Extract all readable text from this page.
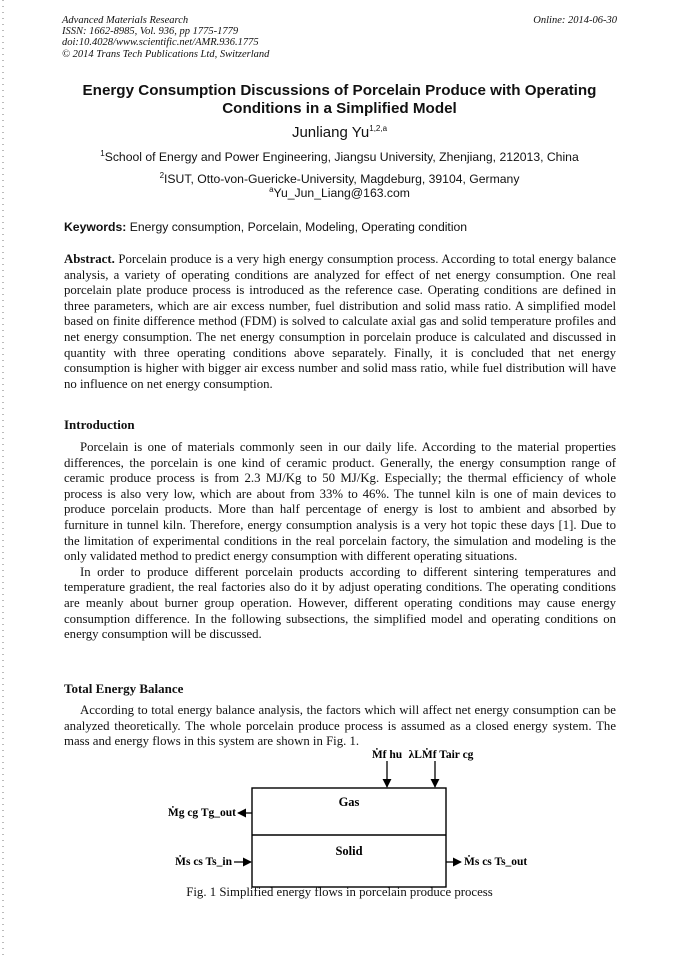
Advanced Materials Research
ISSN: 1662-8985, Vol. 936, pp 1775-1779
doi:10.4028/www.scientific.net/AMR.936.1775
© 2014 Trans Tech Publications Ltd, Switzerland
Online: 2014-06-30
Energy Consumption Discussions of Porcelain Produce with Operating Conditions in a Simplified Model
Junliang Yu$^{1,2,a}$
$^1$School of Energy and Power Engineering, Jiangsu University, Zhenjiang, 212013, China
$^2$ISUT, Otto-von-Guericke-University, Magdeburg, 39104, Germany
$^a$Yu_Jun_Liang@163.com
Keywords: Energy consumption, Porcelain, Modeling, Operating condition
Abstract. Porcelain produce is a very high energy consumption process. According to total energy balance analysis, a variety of operating conditions are analyzed for effect of net energy consumption. One real porcelain plate produce process is introduced as the reference case. Operating conditions are defined in three parameters, which are air excess number, fuel distribution and solid mass ratio. A simplified model based on finite difference method (FDM) is solved to calculate axial gas and solid temperature profiles and net energy consumption. The net energy consumption in porcelain produce is calculated and discussed in quantity with three operating conditions above separately. Finally, it is concluded that net energy consumption is higher with bigger air excess number and solid mass ratio, while fuel distribution will have no influence on net energy consumption.
Introduction
Porcelain is one of materials commonly seen in our daily life. According to the material properties differences, the porcelain is one kind of ceramic product. Generally, the energy consumption range of ceramic produce process is from 2.3 MJ/Kg to 50 MJ/Kg. Especially; the thermal efficiency of whole process is also very low, which are about from 33% to 46%. The tunnel kiln is one of main devices to produce porcelain products. More than half percentage of energy is lost to ambient and absorbed by furniture in tunnel kiln. Therefore, energy consumption analysis is a very hot topic these days [1]. Due to the limitation of experimental conditions in the real porcelain factory, the simulation and modeling is the only validated method to predict energy consumption with different operating situations.
In order to produce different porcelain products according to different sintering temperatures and temperature gradient, the real factories also do it by adjust operating conditions. The operating conditions are meanly about burner group operation. However, different operating conditions may cause energy consumption difference. In the following subsections, the simplified model and operating conditions on energy consumption will be discussed.
Total Energy Balance
According to total energy balance analysis, the factors which will affect net energy consumption can be analyzed theoretically. The whole porcelain produce process is assumed as a closed energy system. The mass and energy flows in this system are shown in Fig. 1.
Gas
Solid
Ṁf hu λLṀf Tair cg
Ṁg cg Tg_out
Ṁs cs Ts_in	Ṁs cs Ts_out
Fig. 1 Simplified energy flows in porcelain produce process
